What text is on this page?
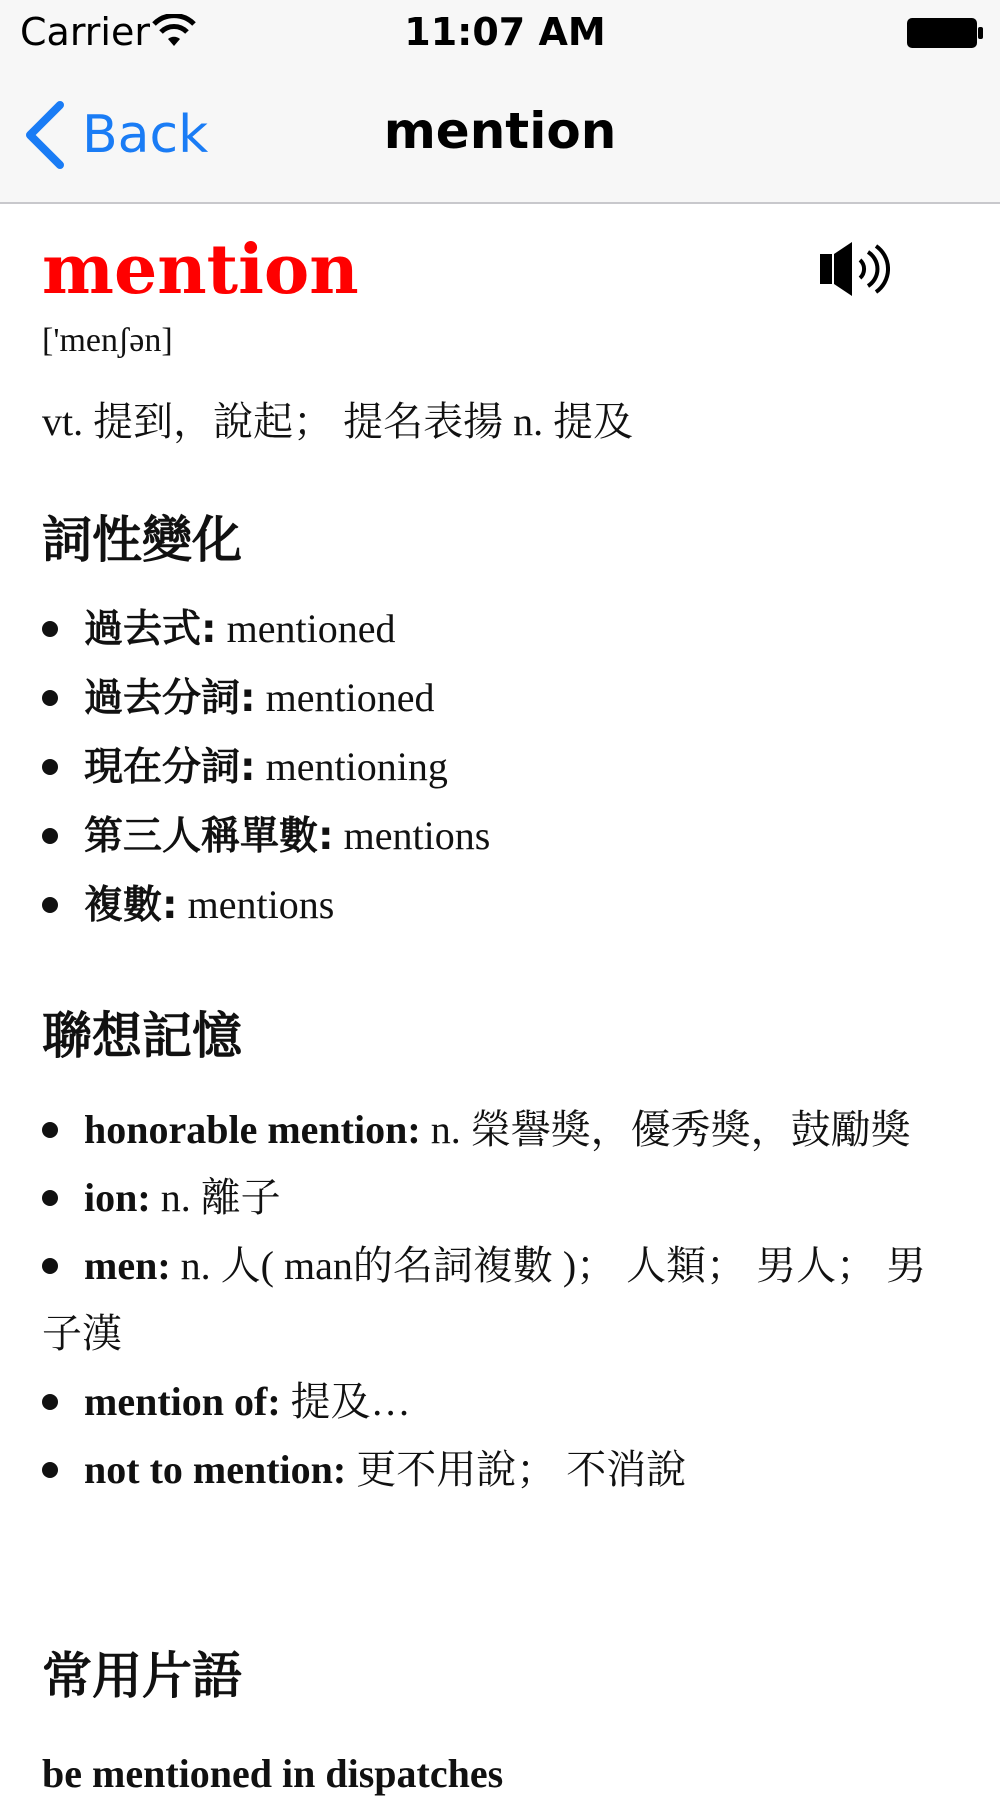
Carrier	11:07 AM
Back	mention
mention
['menʃən]
vt. 提到，說起； 提名表揚 n. 提及
詞性變化
過去式: mentioned
過去分詞: mentioned
現在分詞: mentioning
第三人稱單數: mentions
複數: mentions
聯想記憶
honorable mention: n. 榮譽獎，優秀獎，鼓勵獎
ion: n. 離子
men: n. 人( man的名詞複數 )； 人類； 男人； 男子漢
mention of: 提及…
not to mention: 更不用說； 不消說
常用片語
be mentioned in dispatches
